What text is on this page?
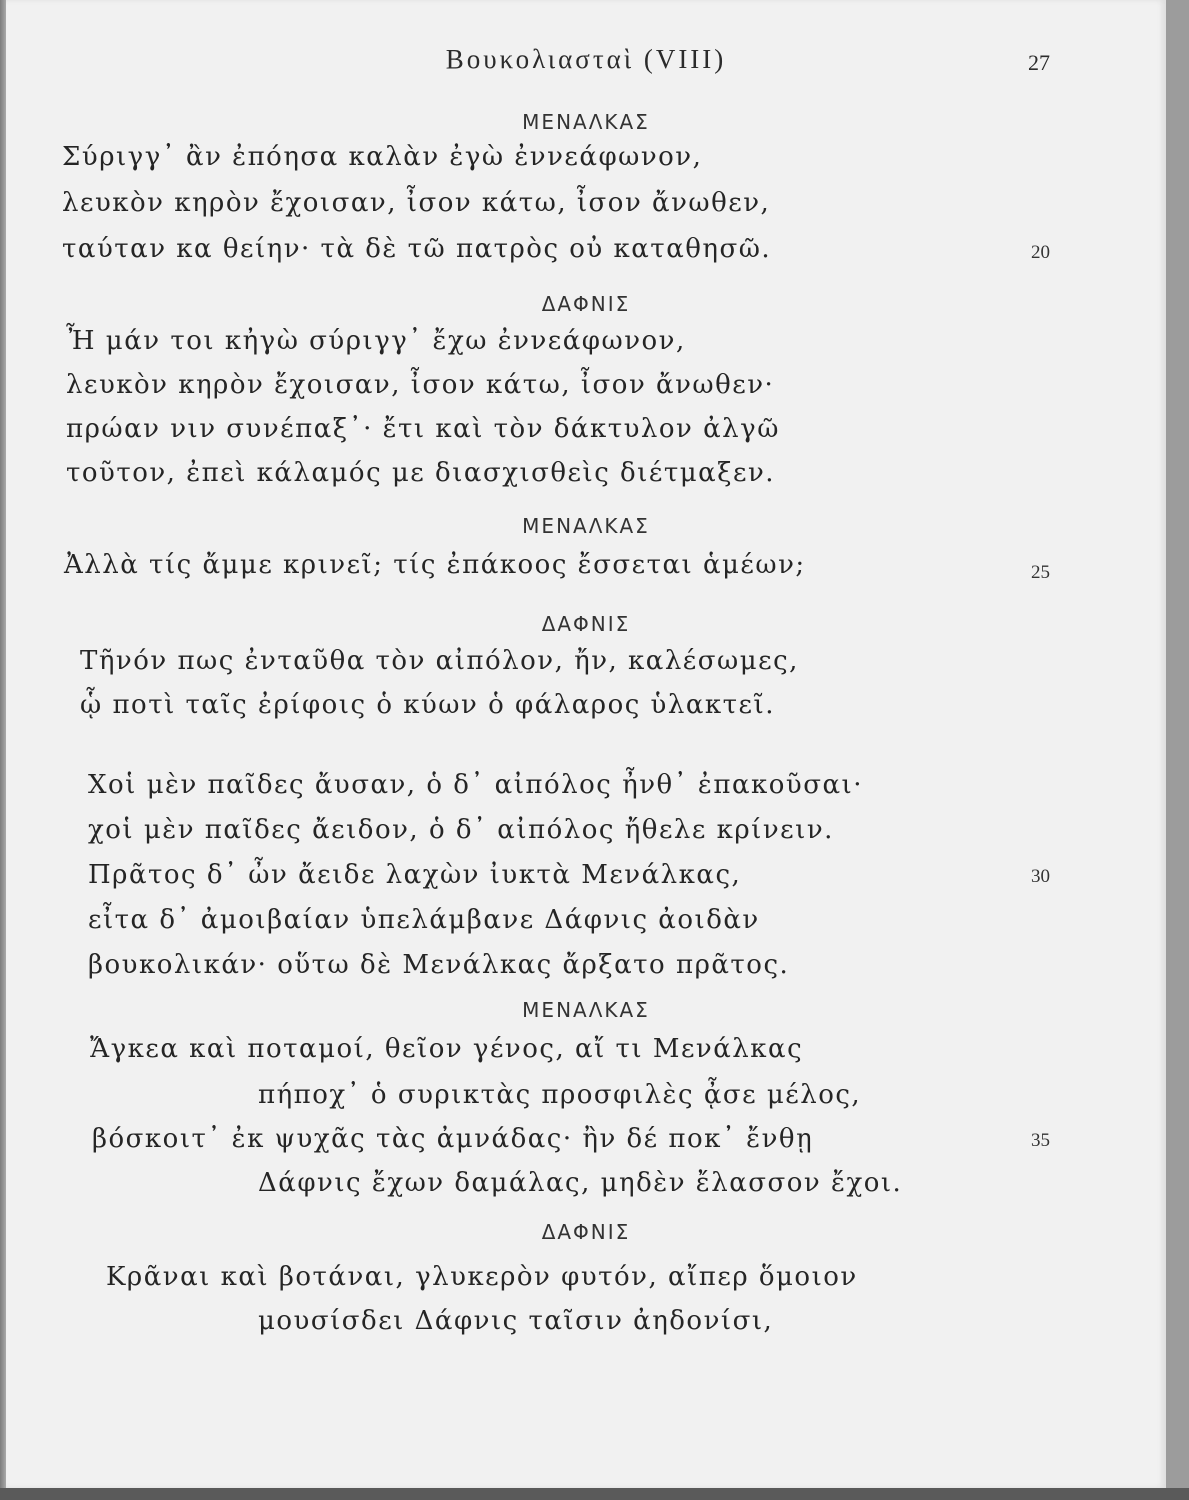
Βουκολιασταὶ (VIII)	27
ΜΕΝΑΛΚΑΣ
Σύριγγ᾽ ἂν ἐπόησα καλὰν ἐγὼ ἐννεάφωνον,
λευκὸν κηρὸν ἔχοισαν, ἶσον κάτω, ἶσον ἄνωθεν,
ταύταν κα θείην· τὰ δὲ τῶ πατρὸς οὐ καταθησῶ.	20
ΔΑΦΝΙΣ
Ἦ μάν τοι κἠγὼ σύριγγ᾽ ἔχω ἐννεάφωνον,
λευκὸν κηρὸν ἔχοισαν, ἶσον κάτω, ἶσον ἄνωθεν·
πρώαν νιν συνέπαξ᾽· ἔτι καὶ τὸν δάκτυλον ἀλγῶ
τοῦτον, ἐπεὶ κάλαμός με διασχισθεὶς διέτμαξεν.
ΜΕΝΑΛΚΑΣ
Ἀλλὰ τίς ἄμμε κρινεῖ; τίς ἐπάκοος ἔσσεται ἁμέων;	25
ΔΑΦΝΙΣ
Τῆνόν πως ἐνταῦθα τὸν αἰπόλον, ἤν, καλέσωμες,
ᾧ ποτὶ ταῖς ἐρίφοις ὁ κύων ὁ φάλαρος ὑλακτεῖ.
Χοἱ μὲν παῖδες ἄυσαν, ὁ δ᾽ αἰπόλος ἦνθ᾽ ἐπακοῦσαι·
χοἱ μὲν παῖδες ἄειδον, ὁ δ᾽ αἰπόλος ἤθελε κρίνειν.
Πρᾶτος δ᾽ ὦν ἄειδε λαχὼν ἰυκτὰ Μενάλκας,	30
εἶτα δ᾽ ἀμοιβαίαν ὑπελάμβανε Δάφνις ἀοιδὰν
βουκολικάν· οὕτω δὲ Μενάλκας ἄρξατο πρᾶτος.
ΜΕΝΑΛΚΑΣ
Ἄγκεα καὶ ποταμοί, θεῖον γένος, αἴ τι Μενάλκας
πήποχ᾽ ὁ συρικτὰς προσφιλὲς ᾆσε μέλος,
βόσκοιτ᾽ ἐκ ψυχᾶς τὰς ἀμνάδας· ἢν δέ ποκ᾽ ἔνθῃ	35
Δάφνις ἔχων δαμάλας, μηδὲν ἔλασσον ἔχοι.
ΔΑΦΝΙΣ
Κρᾶναι καὶ βοτάναι, γλυκερὸν φυτόν, αἴπερ ὅμοιον
μουσίσδει Δάφνις ταῖσιν ἀηδονίσι,
